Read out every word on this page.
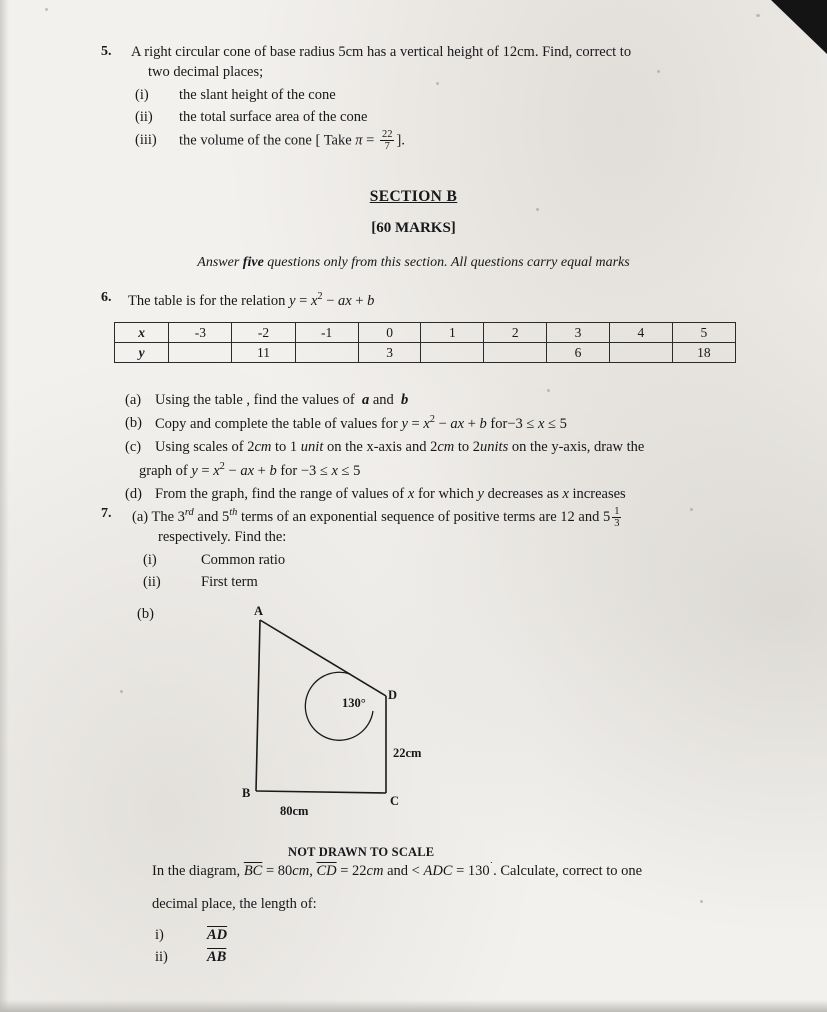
5. A right circular cone of base radius 5cm has a vertical height of 12cm. Find, correct to
two decimal places;
(i)	the slant height of the cone
(ii)	the total surface area of the cone
(iii)	the volume of the cone [ Take $\pi = \frac{22}{7}$ ].
SECTION B
[60 MARKS]
Answer five questions only from this section. All questions carry equal marks
6. The table is for the relation $y = x^2$ − ax + b
x	-3	-2	-1	0	1	2	3	4	5
y		11		3			6		18
(a) Using the table , find the values of  a and  b
(b) Copy and complete the table of values for $y = x^2$ − ax + b for−3 ≤ x ≤ 5
(c) Using scales of 2cm to 1 unit on the x-axis and 2cm to 2units on the y-axis, draw the
graph of $y = x^2$ − ax + b for −3 ≤ x ≤ 5
(d) From the graph, find the range of values of x for which y decreases as x increases
7. (a) The 3rd and 5th terms of an exponential sequence of positive terms are 12 and $5 \frac{1}{3}$
respectively. Find the:
(i)	Common ratio
(ii)	First term
(b)	A
B
C
D
130°
22cm
80cm
NOT DRAWN TO SCALE
In the diagram, $\overline{BC} = 80cm$, $\overline{CD} = 22cm$ and < ADC = 130˙. Calculate, correct to one
decimal place, the length of:
i)	$\overline{AD}$
ii)	$\overline{AB}$
